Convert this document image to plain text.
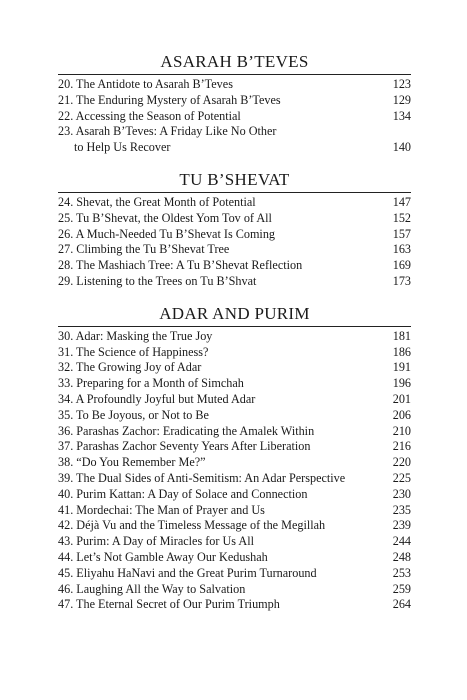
ASARAH B’TEVES
20. The Antidote to Asarah B’Teves	123
21. The Enduring Mystery of Asarah B’Teves	129
22. Accessing the Season of Potential	134
23. Asarah B’Teves: A Friday Like No Other
to Help Us Recover	140
TU B’SHEVAT
24. Shevat, the Great Month of Potential	147
25. Tu B’Shevat, the Oldest Yom Tov of All	152
26. A Much-Needed Tu B’Shevat Is Coming	157
27. Climbing the Tu B’Shevat Tree	163
28. The Mashiach Tree: A Tu B’Shevat Reflection	169
29. Listening to the Trees on Tu B’Shvat	173
ADAR AND PURIM
30. Adar: Masking the True Joy	181
31. The Science of Happiness?	186
32. The Growing Joy of Adar	191
33. Preparing for a Month of Simchah	196
34. A Profoundly Joyful but Muted Adar	201
35. To Be Joyous, or Not to Be	206
36. Parashas Zachor: Eradicating the Amalek Within	210
37. Parashas Zachor Seventy Years After Liberation	216
38. “Do You Remember Me?”	220
39. The Dual Sides of Anti-Semitism: An Adar Perspective	225
40. Purim Kattan: A Day of Solace and Connection	230
41. Mordechai: The Man of Prayer and Us	235
42. Déjà Vu and the Timeless Message of the Megillah	239
43. Purim: A Day of Miracles for Us All	244
44. Let’s Not Gamble Away Our Kedushah	248
45. Eliyahu HaNavi and the Great Purim Turnaround	253
46. Laughing All the Way to Salvation	259
47. The Eternal Secret of Our Purim Triumph	264
